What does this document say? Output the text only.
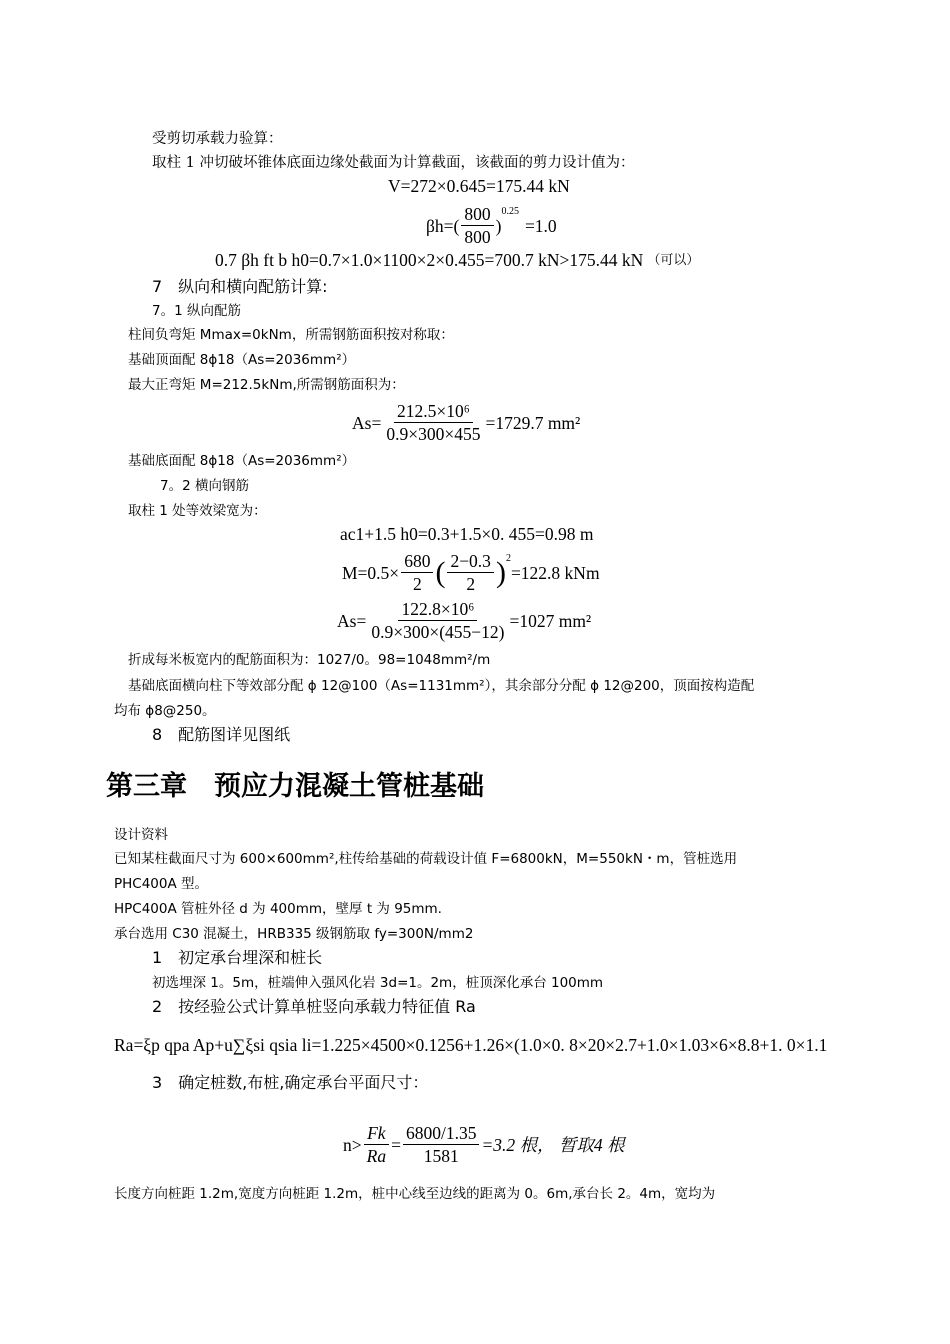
受剪切承载力验算：
取柱 1 冲切破坏锥体底面边缘处截面为计算截面，该截面的剪力设计值为：
V=272×0.645=175.44 kN
$\beta h=( \frac{800}{800}$ )
$^{0.25}$
=1.0
0.7 βh ft b h0=0.7×1.0×1100×2×0.455=700.7 kN>175.44 kN （可以）
7　纵向和横向配筋计算:
7。1 纵向配筋
柱间负弯矩 Mmax=0kNm，所需钢筋面积按对称取：
基础顶面配 8ɸ18（As=2036mm²）
最大正弯矩 M=212.5kNm,所需钢筋面积为：
$As= \frac{\text{212.5×10⁶}}{0.9\times 300\times 455} =1729.7$ mm²
基础底面配 8ɸ18（As=2036mm²）
7。2 横向钢筋
取柱 1 处等效梁宽为：
ac1+1.5 h0=0.3+1.5×0. 455=0.98 m
$M=0.5\times \frac{680}{2}$ ( $\frac{2-0.3}{2} )^2$
=122.8 kNm
$As= \frac{\text{122.8×10⁶}}{0.9\times 300\times(455-12)} =1027$ mm²
折成每米板宽内的配筋面积为：1027/0。98=1048mm²/m
基础底面横向柱下等效部分配 ɸ 12@100（As=1131mm²），其余部分分配 ɸ 12@200，顶面按构造配
均布 ɸ8@250。
8　配筋图详见图纸
第三章　预应力混凝土管桩基础
设计资料
已知某柱截面尺寸为 600×600mm²,柱传给基础的荷载设计值 F=6800kN，M=550kN・m，管桩选用
PHC400A 型。
HPC400A 管桩外径 d 为 400mm，壁厚 t 为 95mm.
承台选用 C30 混凝土，HRB335 级钢筋取 fy=300N/mm2
1　初定承台埋深和桩长
初选埋深 1。5m，桩端伸入强风化岩 3d=1。2m，桩顶深化承台 100mm
2　按经验公式计算单桩竖向承载力特征值 Ra
Ra=ξp qpa Ap+u∑ξsi qsia li=1.225×4500×0.1256+1.26×(1.0×0. 8×20×2.7+1.0×1.03×6×8.8+1. 0×1.1
3　确定桩数,布桩,确定承台平面尺寸：
$n> \frac{Fk}{Ra} = \frac{6800/1.35}{1581} =3.2$ 根， 暂取4 根
长度方向桩距 1.2m,宽度方向桩距 1.2m，桩中心线至边线的距离为 0。6m,承台长 2。4m，宽均为
